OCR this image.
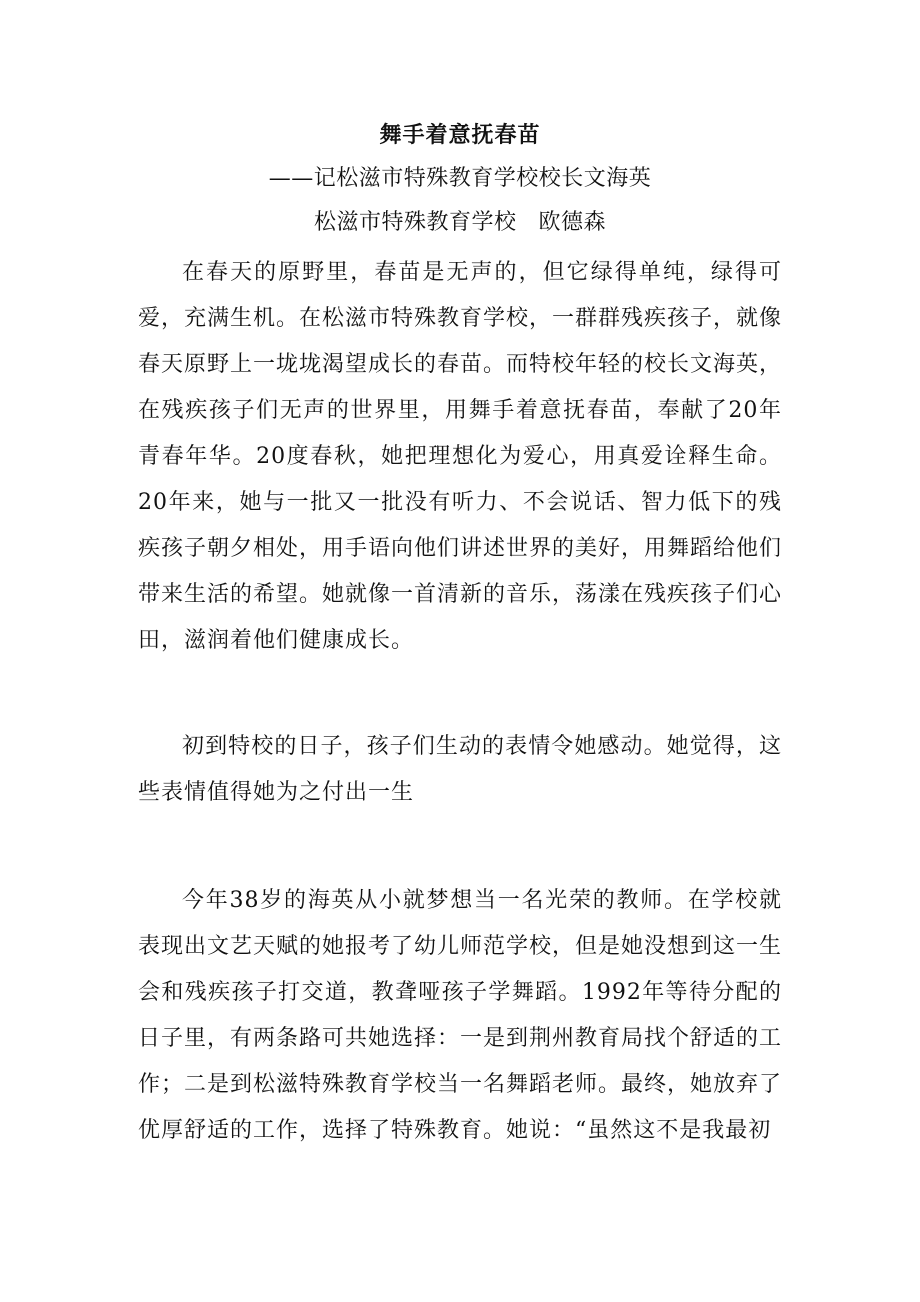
舞手着意抚春苗

——记松滋市特殊教育学校校长文海英

松滋市特殊教育学校 欧德森

在春天的原野里，春苗是无声的，但它绿得单纯，绿得可爱，充满生机。在松滋市特殊教育学校，一群群残疾孩子，就像春天原野上一垅垅渴望成长的春苗。而特校年轻的校长文海英，在残疾孩子们无声的世界里，用舞手着意抚春苗，奉献了20年青春年华。20度春秋，她把理想化为爱心，用真爱诠释生命。20年来，她与一批又一批没有听力、不会说话、智力低下的残疾孩子朝夕相处，用手语向他们讲述世界的美好，用舞蹈给他们带来生活的希望。她就像一首清新的音乐，荡漾在残疾孩子们心田，滋润着他们健康成长。

初到特校的日子，孩子们生动的表情令她感动。她觉得，这些表情值得她为之付出一生

今年38岁的海英从小就梦想当一名光荣的教师。在学校就表现出文艺天赋的她报考了幼儿师范学校，但是她没想到这一生会和残疾孩子打交道，教聋哑孩子学舞蹈。1992年等待分配的日子里，有两条路可共她选择：一是到荆州教育局找个舒适的工作；二是到松滋特殊教育学校当一名舞蹈老师。最终，她放弃了优厚舒适的工作，选择了特殊教育。她说：“虽然这不是我最初
